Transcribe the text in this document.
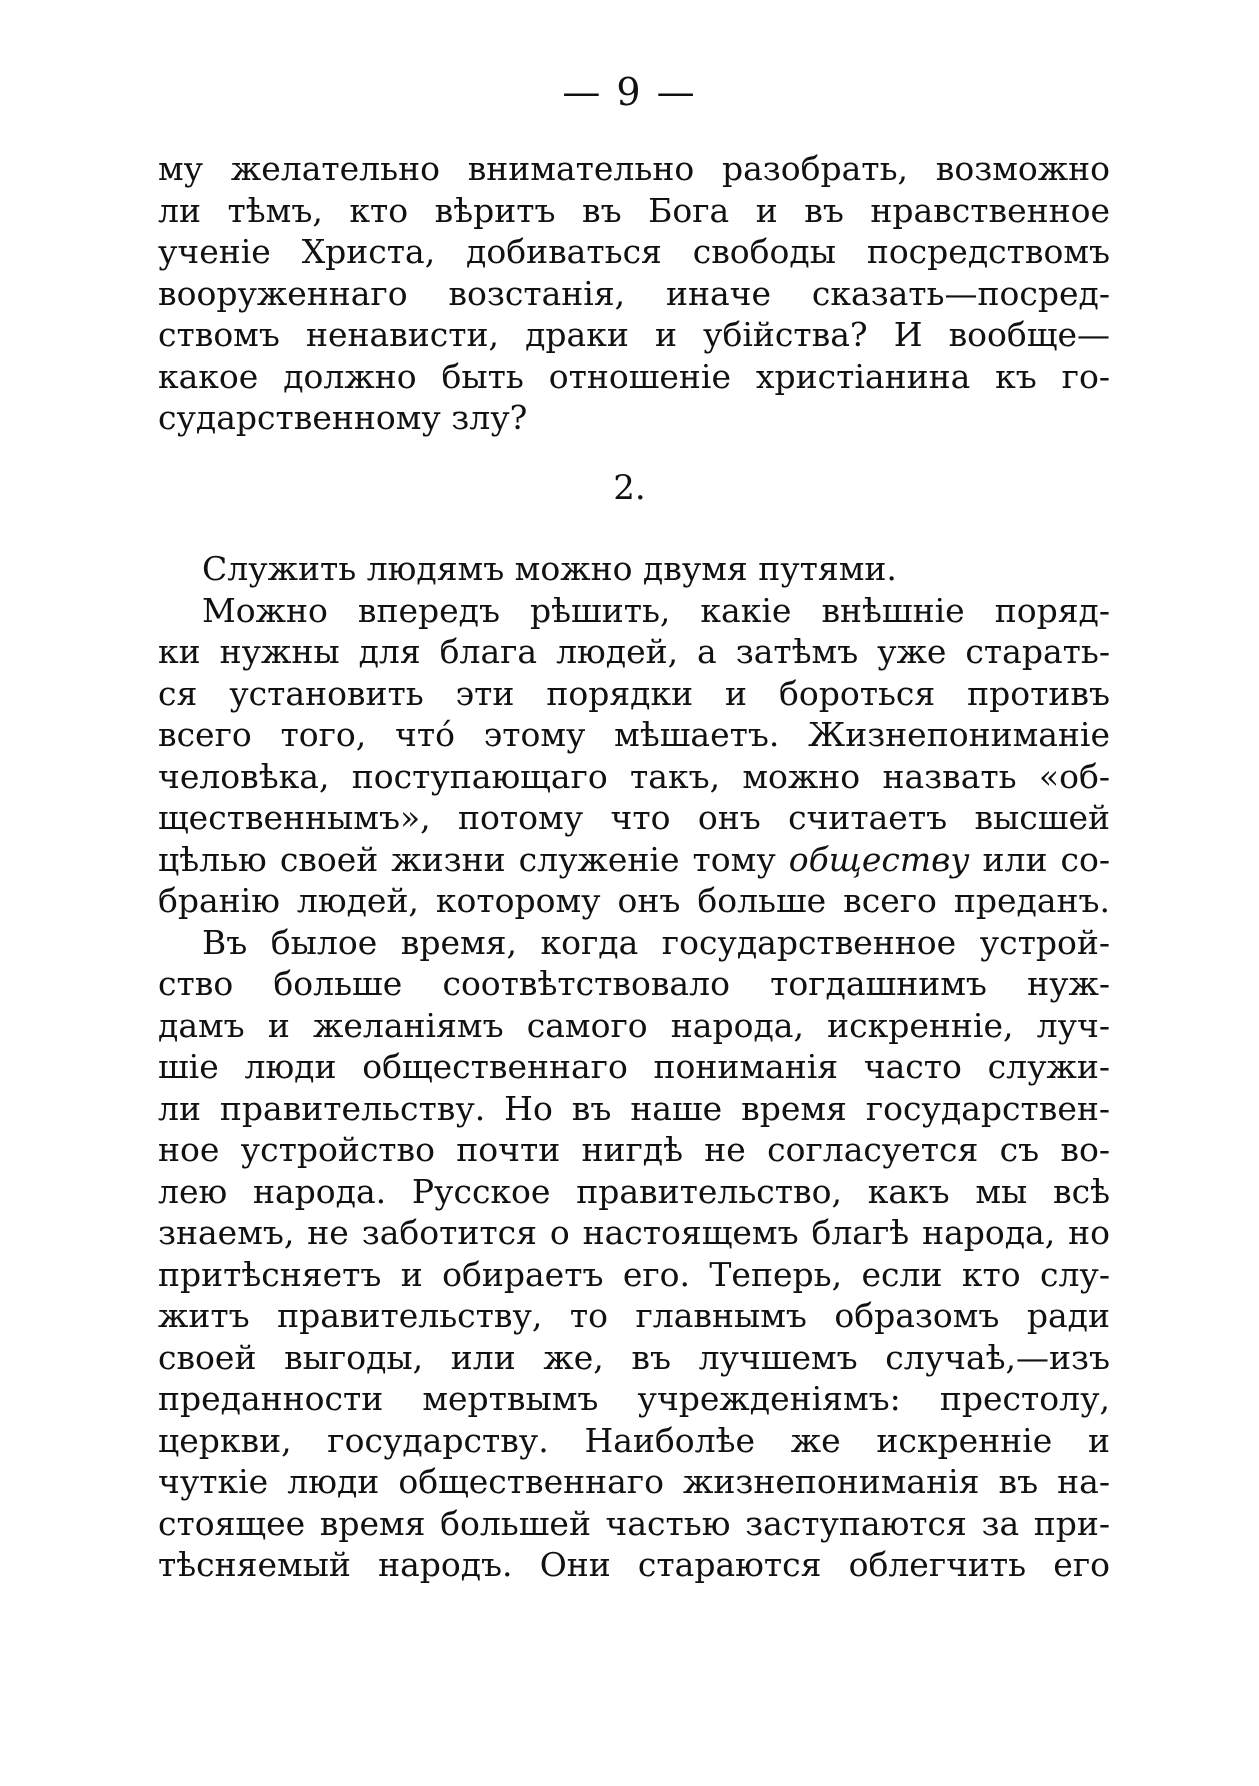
— 9 —
му желательно внимательно разобрать, возможно
ли тѣмъ, кто вѣритъ въ Бога и въ нравственное
ученіе Христа, добиваться свободы посредствомъ
вооруженнаго возстанія, иначе сказать—посред-
ствомъ ненависти, драки и убійства? И вообще—
какое должно быть отношеніе христіанина къ го-
сударственному злу?
2.
Служить людямъ можно двумя путями.
Можно впередъ рѣшить, какіе внѣшніе поряд-
ки нужны для блага людей, а затѣмъ уже старать-
ся установить эти порядки и бороться противъ
всего того, чтó этому мѣшаетъ. Жизнепониманіе
человѣка, поступающаго такъ, можно назвать «об-
щественнымъ», потому что онъ считаетъ высшей
цѣлью своей жизни служеніе тому обществу или со-
бранію людей, которому онъ больше всего преданъ.
Въ былое время, когда государственное устрой-
ство больше соотвѣтствовало тогдашнимъ нуж-
дамъ и желаніямъ самого народа, искренніе, луч-
шіе люди общественнаго пониманія часто служи-
ли правительству. Но въ наше время государствен-
ное устройство почти нигдѣ не согласуется съ во-
лею народа. Русское правительство, какъ мы всѣ
знаемъ, не заботится о настоящемъ благѣ народа, но
притѣсняетъ и обираетъ его. Теперь, если кто слу-
житъ правительству, то главнымъ образомъ ради
своей выгоды, или же, въ лучшемъ случаѣ,—изъ
преданности мертвымъ учрежденіямъ: престолу,
церкви, государству. Наиболѣе же искренніе и
чуткіе люди общественнаго жизнепониманія въ на-
стоящее время большей частью заступаются за при-
тѣсняемый народъ. Они стараются облегчить его
